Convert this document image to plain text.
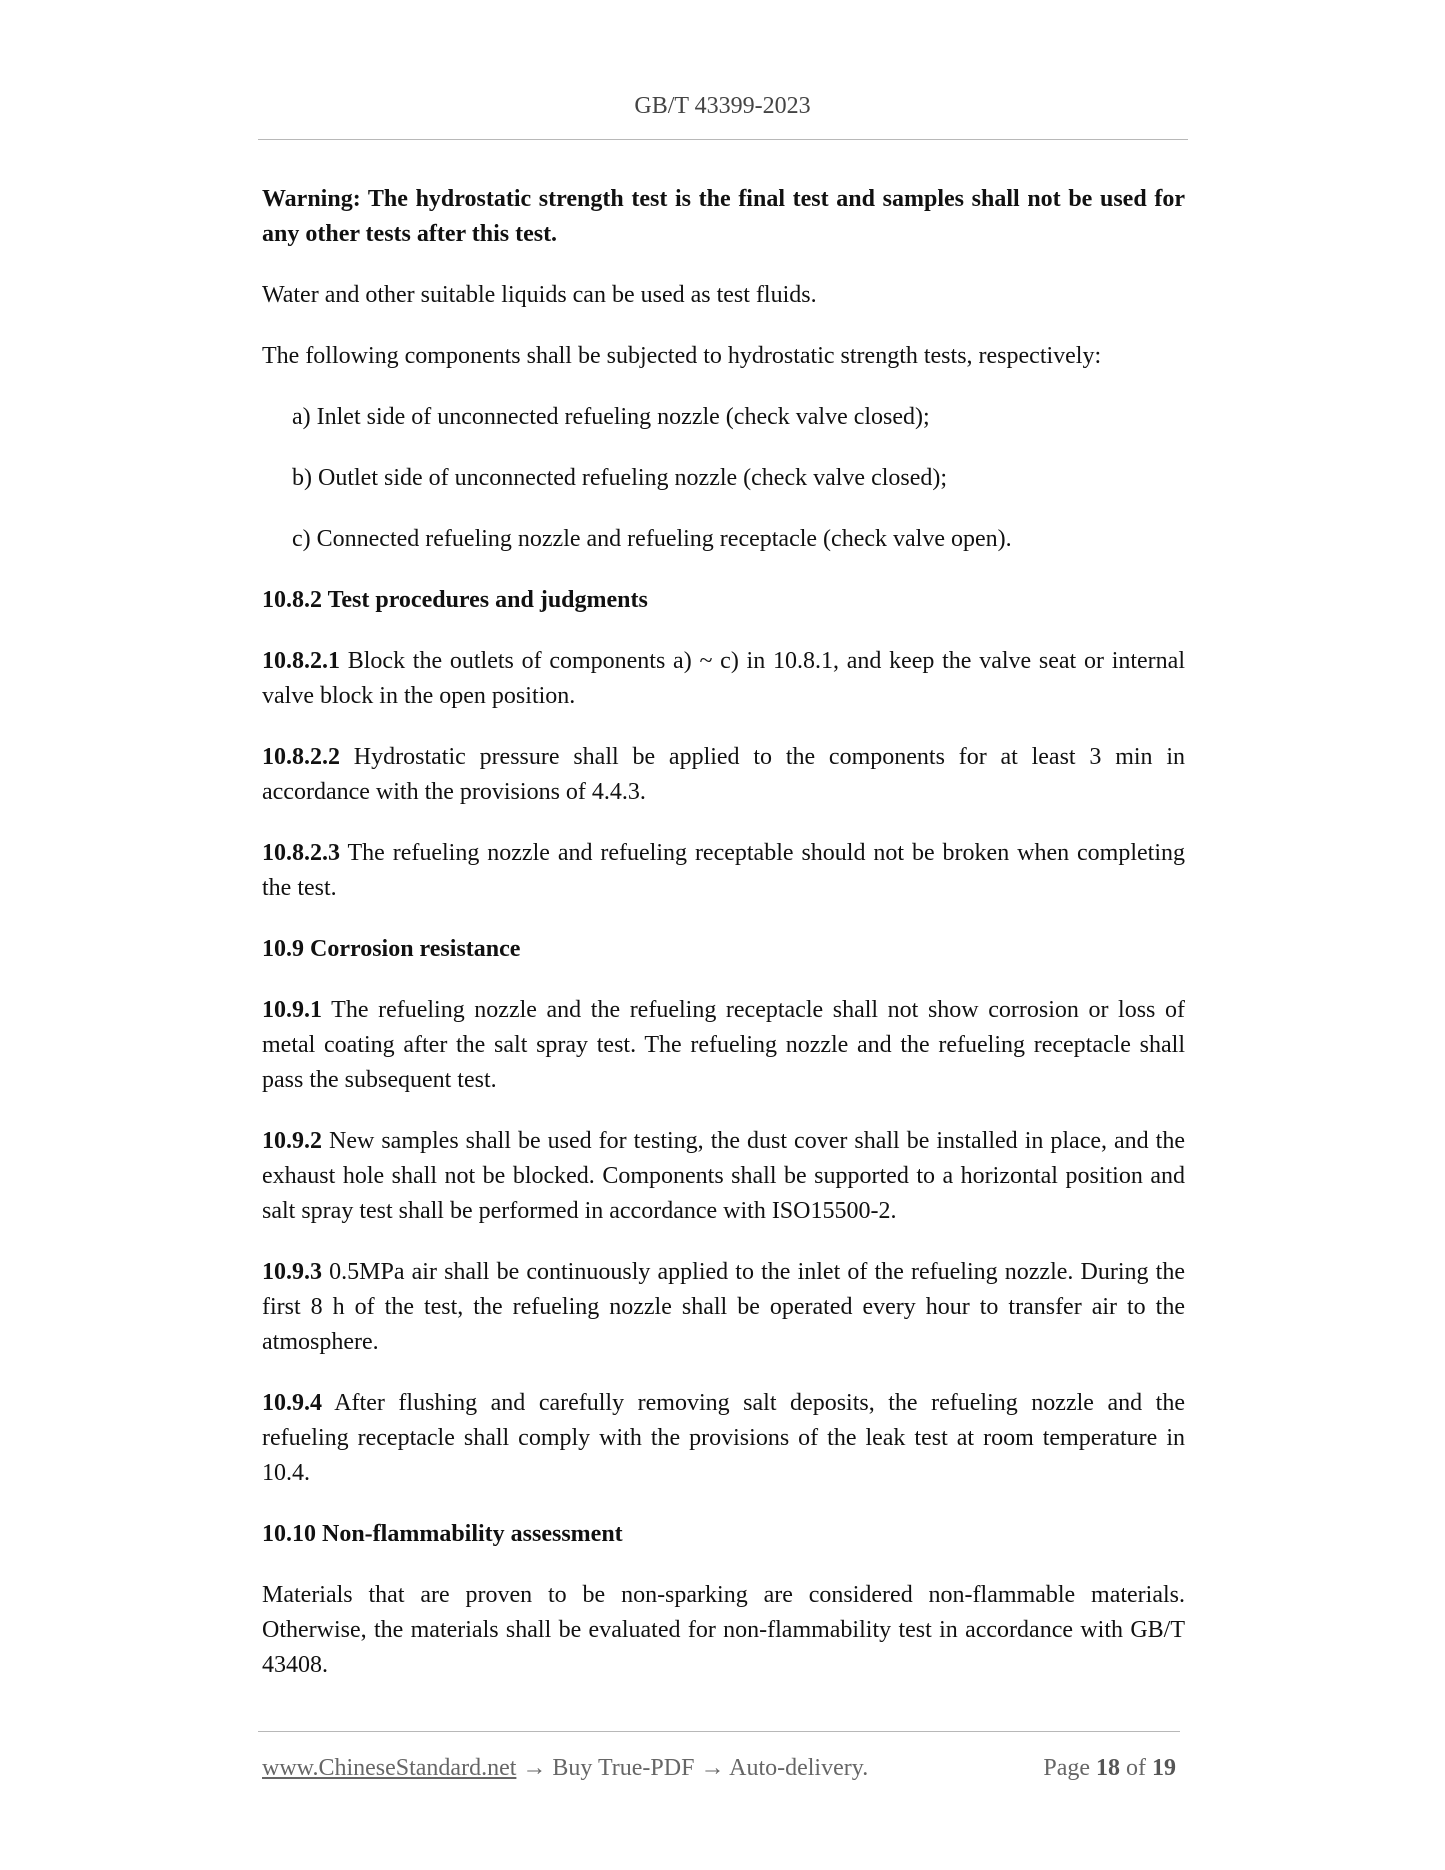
GB/T 43399-2023

Warning: The hydrostatic strength test is the final test and samples shall not be used for any other tests after this test.

Water and other suitable liquids can be used as test fluids.

The following components shall be subjected to hydrostatic strength tests, respectively:

a) Inlet side of unconnected refueling nozzle (check valve closed);

b) Outlet side of unconnected refueling nozzle (check valve closed);

c) Connected refueling nozzle and refueling receptacle (check valve open).

10.8.2 Test procedures and judgments

10.8.2.1 Block the outlets of components a) ~ c) in 10.8.1, and keep the valve seat or internal valve block in the open position.

10.8.2.2 Hydrostatic pressure shall be applied to the components for at least 3 min in accordance with the provisions of 4.4.3.

10.8.2.3 The refueling nozzle and refueling receptable should not be broken when completing the test.

10.9 Corrosion resistance

10.9.1 The refueling nozzle and the refueling receptacle shall not show corrosion or loss of metal coating after the salt spray test. The refueling nozzle and the refueling receptacle shall pass the subsequent test.

10.9.2 New samples shall be used for testing, the dust cover shall be installed in place, and the exhaust hole shall not be blocked. Components shall be supported to a horizontal position and salt spray test shall be performed in accordance with ISO15500-2.

10.9.3 0.5MPa air shall be continuously applied to the inlet of the refueling nozzle. During the first 8 h of the test, the refueling nozzle shall be operated every hour to transfer air to the atmosphere.

10.9.4 After flushing and carefully removing salt deposits, the refueling nozzle and the refueling receptacle shall comply with the provisions of the leak test at room temperature in 10.4.

10.10 Non-flammability assessment

Materials that are proven to be non-sparking are considered non-flammable materials. Otherwise, the materials shall be evaluated for non-flammability test in accordance with GB/T 43408.

www.ChineseStandard.net → Buy True-PDF → Auto-delivery.	Page 18 of 19
